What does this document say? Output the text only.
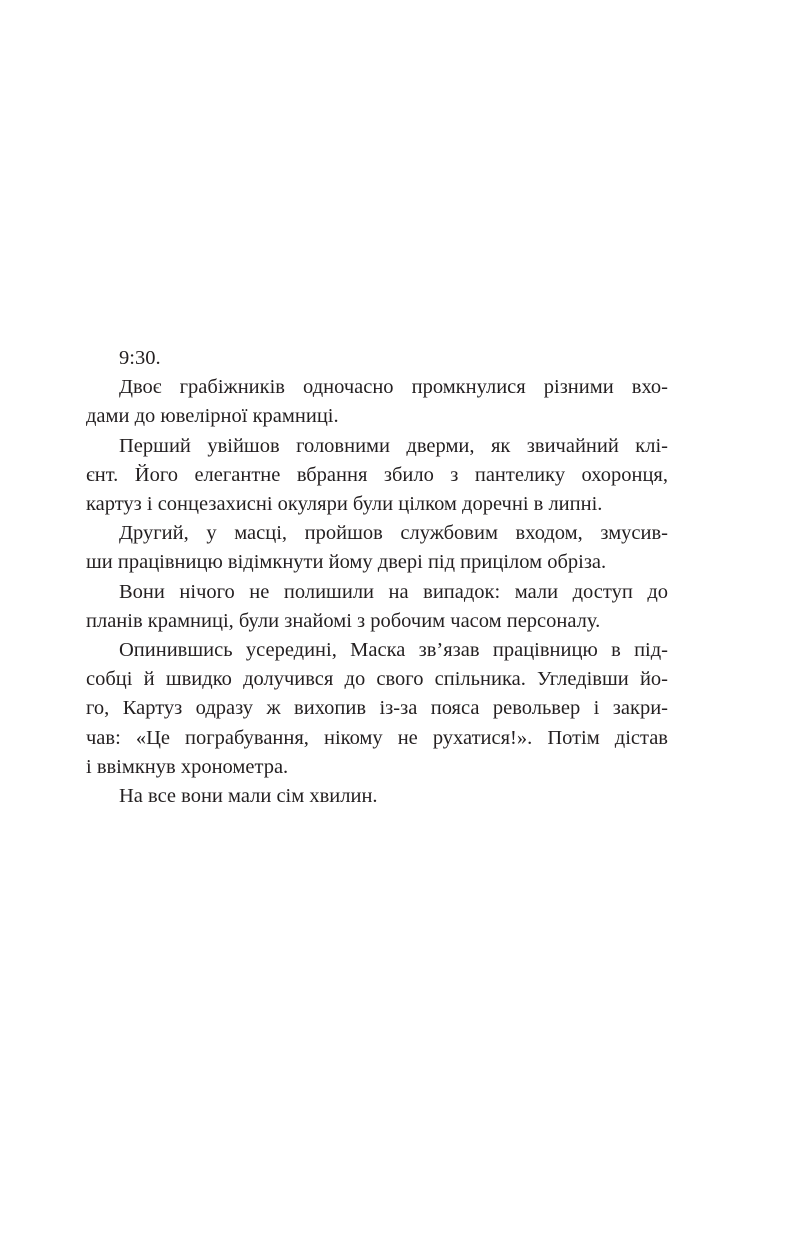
9:30.

Двоє грабіжників одночасно промкнулися різними вхо-
дами до ювелірної крамниці.

Перший увійшов головними дверми, як звичайний клі-
єнт. Його елегантне вбрання збило з пантелику охоронця,
картуз і сонцезахисні окуляри були цілком доречні в липні.

Другий, у масці, пройшов службовим входом, змусив-
ши працівницю відімкнути йому двері під прицілом обріза.

Вони нічого не полишили на випадок: мали доступ до
планів крамниці, були знайомі з робочим часом персоналу.

Опинившись усередині, Маска зв’язав працівницю в під-
собці й швидко долучився до свого спільника. Угледівши йо-
го, Картуз одразу ж вихопив із-за пояса револьвер і закри-
чав: «Це пограбування, нікому не рухатися!». Потім дістав
і ввімкнув хронометра.

На все вони мали сім хвилин.
